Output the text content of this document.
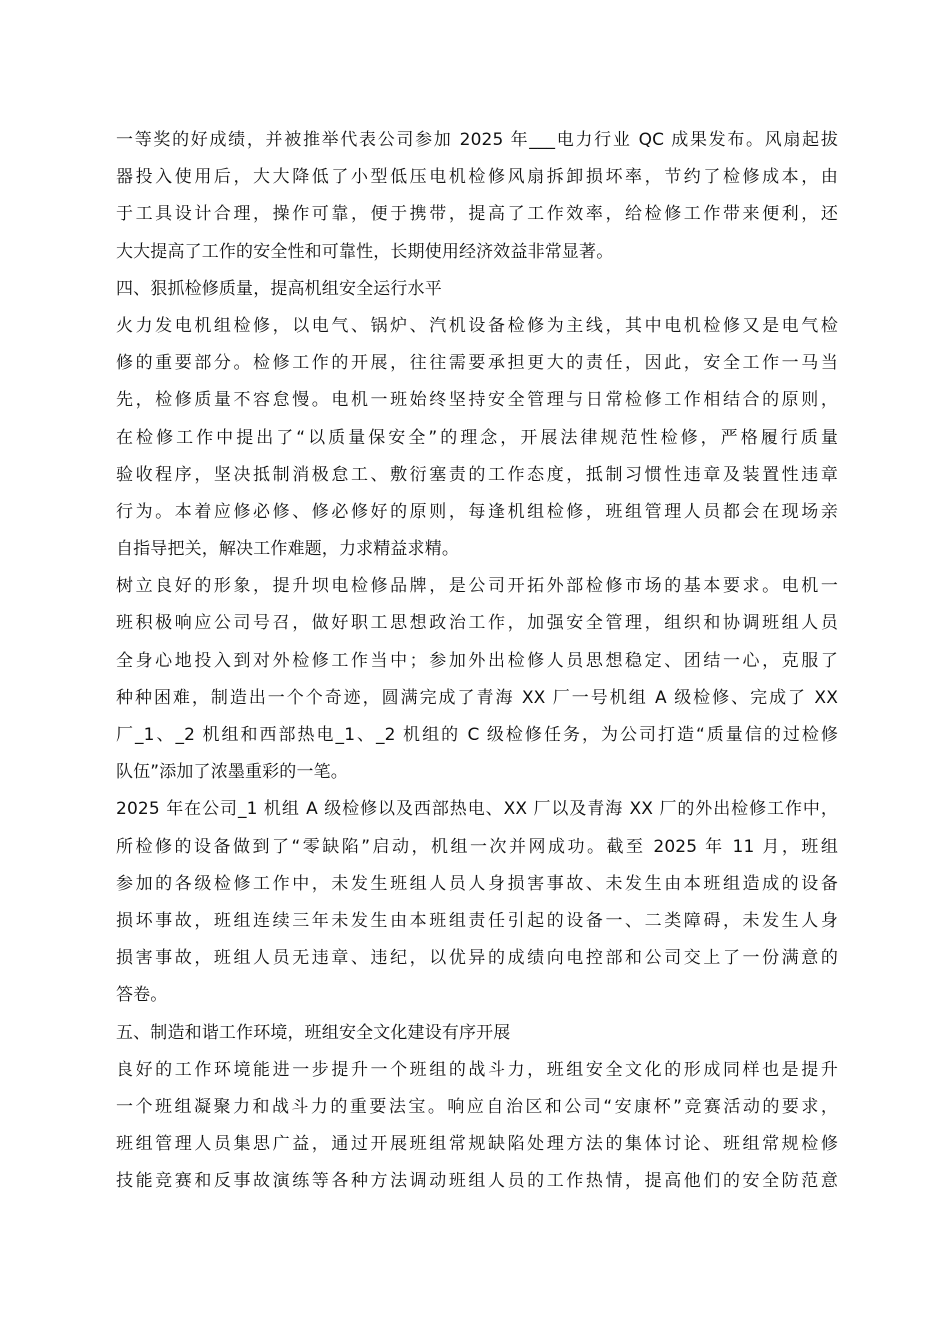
一等奖的好成绩，并被推举代表公司参加 2025 年___电力行业 QC 成果发布。风扇起拔
器投入使用后，大大降低了小型低压电机检修风扇拆卸损坏率，节约了检修成本，由
于工具设计合理，操作可靠，便于携带，提高了工作效率，给检修工作带来便利，还
大大提高了工作的安全性和可靠性，长期使用经济效益非常显著。
四、狠抓检修质量，提高机组安全运行水平
火力发电机组检修，以电气、锅炉、汽机设备检修为主线，其中电机检修又是电气检
修的重要部分。检修工作的开展，往往需要承担更大的责任，因此，安全工作一马当
先，检修质量不容怠慢。电机一班始终坚持安全管理与日常检修工作相结合的原则，
在检修工作中提出了“以质量保安全”的理念，开展法律规范性检修，严格履行质量
验收程序，坚决抵制消极怠工、敷衍塞责的工作态度，抵制习惯性违章及装置性违章
行为。本着应修必修、修必修好的原则，每逢机组检修，班组管理人员都会在现场亲
自指导把关，解决工作难题，力求精益求精。
树立良好的形象，提升坝电检修品牌，是公司开拓外部检修市场的基本要求。电机一
班积极响应公司号召，做好职工思想政治工作，加强安全管理，组织和协调班组人员
全身心地投入到对外检修工作当中；参加外出检修人员思想稳定、团结一心，克服了
种种困难，制造出一个个奇迹，圆满完成了青海 XX 厂一号机组 A 级检修、完成了 XX
厂_1、_2 机组和西部热电_1、_2 机组的 C 级检修任务，为公司打造“质量信的过检修
队伍”添加了浓墨重彩的一笔。
2025 年在公司_1 机组 A 级检修以及西部热电、XX 厂以及青海 XX 厂的外出检修工作中，
所检修的设备做到了“零缺陷”启动，机组一次并网成功。截至 2025 年 11 月，班组
参加的各级检修工作中，未发生班组人员人身损害事故、未发生由本班组造成的设备
损坏事故，班组连续三年未发生由本班组责任引起的设备一、二类障碍，未发生人身
损害事故，班组人员无违章、违纪，以优异的成绩向电控部和公司交上了一份满意的
答卷。
五、制造和谐工作环境，班组安全文化建设有序开展
良好的工作环境能进一步提升一个班组的战斗力，班组安全文化的形成同样也是提升
一个班组凝聚力和战斗力的重要法宝。响应自治区和公司“安康杯”竞赛活动的要求，
班组管理人员集思广益，通过开展班组常规缺陷处理方法的集体讨论、班组常规检修
技能竞赛和反事故演练等各种方法调动班组人员的工作热情，提高他们的安全防范意
